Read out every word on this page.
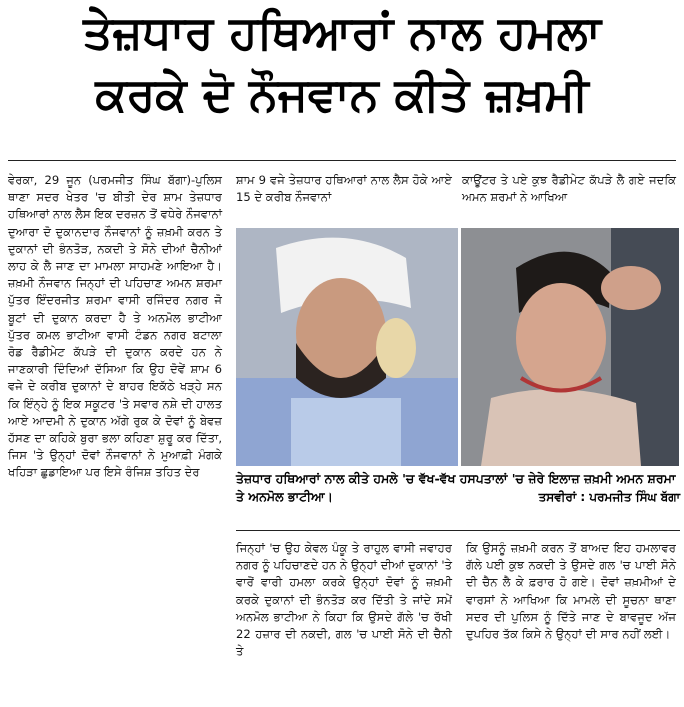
ਤੇਜ਼ਧਾਰ ਹਥਿਆਰਾਂ ਨਾਲ ਹਮਲਾ
ਕਰਕੇ ਦੋ ਨੌਜਵਾਨ ਕੀਤੇ ਜ਼ਖ਼ਮੀ
ਵੇਰਕਾ, 29 ਜੂਨ (ਪਰਮਜੀਤ ਸਿੰਘ ਬੱਗਾ)-ਪੁਲਿਸ ਥਾਣਾ ਸਦਰ ਖੇਤਰ 'ਚ ਬੀਤੀ ਦੇਰ ਸ਼ਾਮ ਤੇਜ਼ਧਾਰ ਹਥਿਆਰਾਂ ਨਾਲ ਲੈਸ ਇਕ ਦਰਜ਼ਨ ਤੋਂ ਵਧੇਰੇ ਨੌਜਵਾਨਾਂ ਦੁਆਰਾ ਦੋ ਦੁਕਾਨਦਾਰ ਨੌਜਵਾਨਾਂ ਨੂੰ ਜ਼ਖ਼ਮੀ ਕਰਨ ਤੇ ਦੁਕਾਨਾਂ ਦੀ ਭੰਨਤੋੜ, ਨਕਦੀ ਤੇ ਸੋਨੇ ਦੀਆਂ ਚੈਨੀਆਂ ਲਾਹ ਕੇ ਲੈ ਜਾਣ ਦਾ ਮਾਮਲਾ ਸਾਹਮਣੇ ਆਇਆ ਹੈ। ਜ਼ਖ਼ਮੀ ਨੌਜਵਾਨ ਜਿਨ੍ਹਾਂ ਦੀ ਪਹਿਚਾਣ ਅਮਨ ਸ਼ਰਮਾ ਪੁੱਤਰ ਇੰਦਰਜੀਤ ਸ਼ਰਮਾ ਵਾਸੀ ਰਜਿੰਦਰ ਨਗਰ ਜੋ ਬੂਟਾਂ ਦੀ ਦੁਕਾਨ ਕਰਦਾ ਹੈ ਤੇ ਅਨਮੋਲ ਭਾਟੀਆ ਪੁੱਤਰ ਕਮਲ ਭਾਟੀਆ ਵਾਸੀ ਟੰਡਨ ਨਗਰ ਬਟਾਲਾ ਰੋਡ ਰੈਡੀਮੇਟ ਕੱਪੜੇ ਦੀ ਦੁਕਾਨ ਕਰਦੇ ਹਨ ਨੇ ਜਾਣਕਾਰੀ ਦਿੰਦਿਆਂ ਦੱਸਿਆ ਕਿ ਉਹ ਦੋਵੇਂ ਸ਼ਾਮ 6 ਵਜੇ ਦੇ ਕਰੀਬ ਦੁਕਾਨਾਂ ਦੇ ਬਾਹਰ ਇਕੱਠੇ ਖੜ੍ਹੇ ਸਨ ਕਿ ਇੰਨ੍ਹੇ ਨੂੰ ਇਕ ਸਕੂਟਰ 'ਤੇ ਸਵਾਰ ਨਸ਼ੇ ਦੀ ਹਾਲਤ ਆਏ ਆਦਮੀ ਨੇ ਦੁਕਾਨ ਅੱਗੇ ਰੁਕ ਕੇ ਦੋਵਾਂ ਨੂੰ ਬੇਵਜ਼ ਹੱਸਣ ਦਾ ਕਹਿਕੇ ਬੁਰਾ ਭਲਾ ਕਹਿਣਾ ਸ਼ੁਰੂ ਕਰ ਦਿੱਤਾ, ਜਿਸ 'ਤੇ ਉਨ੍ਹਾਂ ਦੋਵਾਂ ਨੌਜਵਾਨਾਂ ਨੇ ਮੁਆਫ਼ੀ ਮੰਗਕੇ ਖਹਿੜਾ ਛੁਡਾਇਆ ਪਰ ਇਸੇ ਰੰਜਿਸ਼ ਤਹਿਤ ਦੇਰ
ਸ਼ਾਮ 9 ਵਜੇ ਤੇਜ਼ਧਾਰ ਹਥਿਆਰਾਂ ਨਾਲ ਲੈਸ ਹੋਕੇ ਆਏ 15 ਦੇ ਕਰੀਬ ਨੌਜਵਾਨਾਂ
ਕਾਊਂਟਰ ਤੇ ਪਏ ਕੁਝ ਰੈਡੀਮੇਟ ਕੱਪੜੇ ਲੈ ਗਏ ਜਦਕਿ ਅਮਨ ਸ਼ਰਮਾਂ ਨੇ ਆਖਿਆ
ਤੇਜ਼ਧਾਰ ਹਥਿਆਰਾਂ ਨਾਲ ਕੀਤੇ ਹਮਲੇ 'ਚ ਵੱਖ-ਵੱਖ ਹਸਪਤਾਲਾਂ 'ਚ ਜ਼ੇਰੇ ਇਲਾਜ਼ ਜ਼ਖ਼ਮੀ ਅਮਨ ਸ਼ਰਮਾ ਤੇ ਅਨਮੋਲ ਭਾਟੀਆ।	ਤਸਵੀਰਾਂ : ਪਰਮਜੀਤ ਸਿੰਘ ਬੱਗਾ
ਜਿਨ੍ਹਾਂ 'ਚ ਉਹ ਕੇਵਲ ਪੰਕੂ ਤੇ ਰਾਹੁਲ ਵਾਸੀ ਜਵਾਹਰ ਨਗਰ ਨੂੰ ਪਹਿਚਾਣਦੇ ਹਨ ਨੇ ਉਨ੍ਹਾਂ ਦੀਆਂ ਦੁਕਾਨਾਂ 'ਤੇ ਵਾਰੋਂ ਵਾਰੀ ਹਮਲਾ ਕਰਕੇ ਉਨ੍ਹਾਂ ਦੋਵਾਂ ਨੂੰ ਜ਼ਖ਼ਮੀ ਕਰਕੇ ਦੁਕਾਨਾਂ ਦੀ ਭੰਨਤੋੜ ਕਰ ਦਿੱਤੀ ਤੇ ਜਾਂਦੇ ਸਮੇਂ ਅਨਮੋਲ ਭਾਟੀਆ ਨੇ ਕਿਹਾ ਕਿ ਉਸਦੇ ਗੱਲੇ 'ਚ ਰੱਖੀ 22 ਹਜ਼ਾਰ ਦੀ ਨਕਦੀ, ਗਲ 'ਚ ਪਾਈ ਸੋਨੇ ਦੀ ਚੈਨੀ ਤੇ
ਕਿ ਉਸਨੂੰ ਜ਼ਖ਼ਮੀ ਕਰਨ ਤੋਂ ਬਾਅਦ ਇਹ ਹਮਲਾਵਰ ਗੱਲੇ ਪਈ ਕੁਝ ਨਕਦੀ ਤੇ ਉਸਦੇ ਗਲ 'ਚ ਪਾਈ ਸੋਨੇ ਦੀ ਚੈਨ ਲੈ ਕੇ ਫ਼ਰਾਰ ਹੋ ਗਏ। ਦੋਵਾਂ ਜ਼ਖ਼ਮੀਆਂ ਦੇ ਵਾਰਸਾਂ ਨੇ ਆਖਿਆ ਕਿ ਮਾਮਲੇ ਦੀ ਸੂਚਨਾ ਥਾਣਾ ਸਦਰ ਦੀ ਪੁਲਿਸ ਨੂੰ ਦਿੱਤੇ ਜਾਣ ਦੇ ਬਾਵਜੂਦ ਅੱਜ ਦੁਪਹਿਰ ਤੱਕ ਕਿਸੇ ਨੇ ਉਨ੍ਹਾਂ ਦੀ ਸਾਰ ਨਹੀਂ ਲਈ।
